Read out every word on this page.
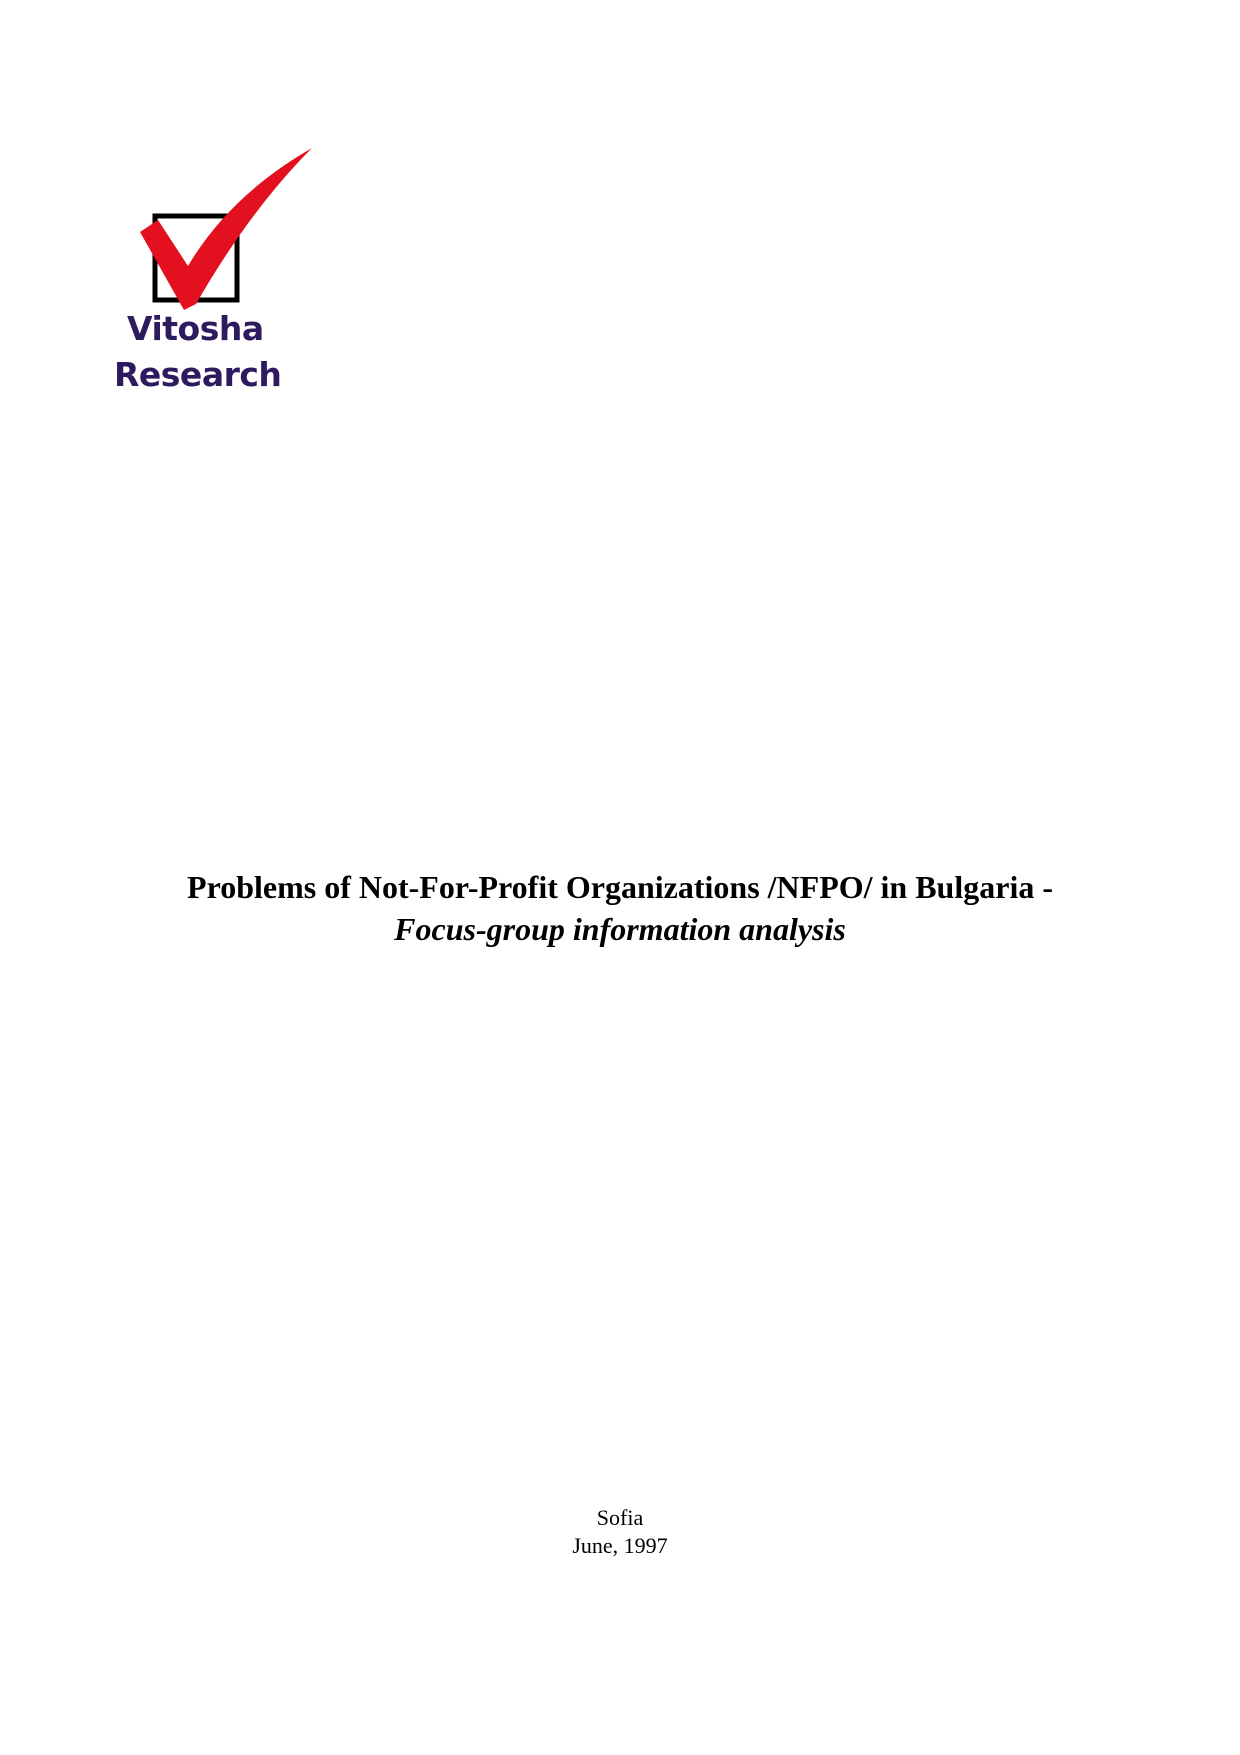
Vitosha
Research
Problems of Not-For-Profit Organizations /NFPO/ in Bulgaria -
Focus-group information analysis
Sofia
June, 1997
